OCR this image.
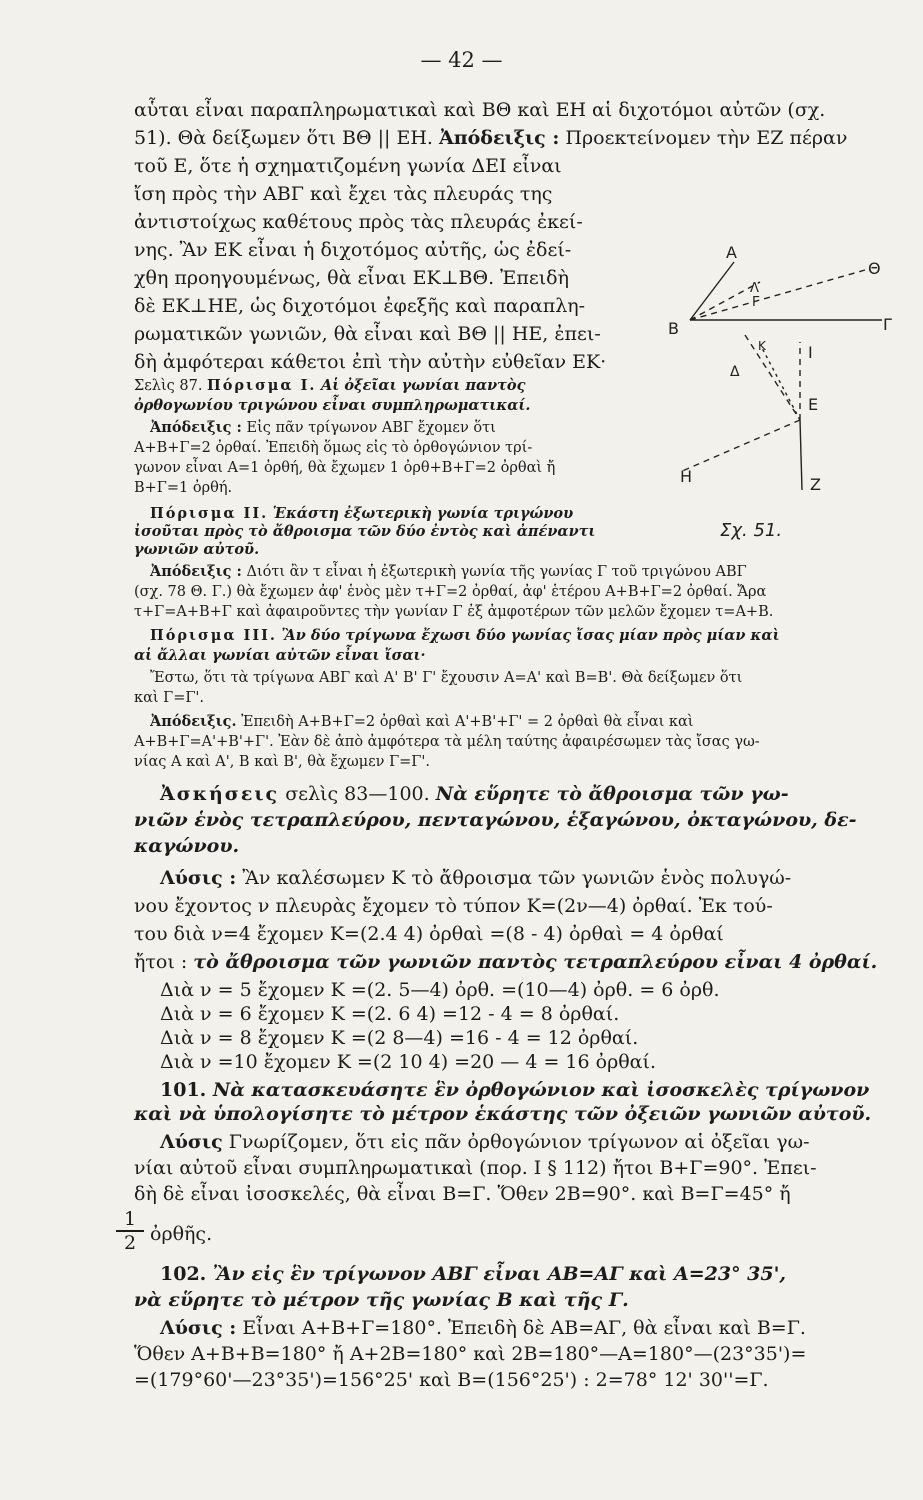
— 42 —
αὗται εἶναι παραπληρωματικαὶ καὶ ΒΘ καὶ ΕΗ αἱ διχοτόμοι αὐτῶν (σχ.
51). Θὰ δείξωμεν ὅτι ΒΘ || ΕΗ. Ἀπόδειξις : Προεκτείνομεν τὴν ΕΖ πέραν
τοῦ Ε, ὅτε ἡ σχηματιζομένη γωνία ΔΕΙ εἶναι
ἴση πρὸς τὴν ΑΒΓ καὶ ἔχει τὰς πλευράς της
ἀντιστοίχως καθέτους πρὸς τὰς πλευράς ἐκεί-
νης. Ἂν ΕΚ εἶναι ἡ διχοτόμος αὐτῆς, ὡς ἐδεί-
χθη προηγουμένως, θὰ εἶναι ΕΚ⊥ΒΘ. Ἐπειδὴ
δὲ ΕΚ⊥ΗΕ, ὡς διχοτόμοι ἐφεξῆς καὶ παραπλη-
ρωματικῶν γωνιῶν, θὰ εἶναι καὶ ΒΘ || ΗΕ, ἐπει-
δὴ ἀμφότεραι κάθετοι ἐπὶ τὴν αὐτὴν εὐθεῖαν ΕΚ·
Σελὶς 87. Πόρισμα Ι. Αἱ ὀξεῖαι γωνίαι παντὸς
ὀρθογωνίου τριγώνου εἶναι συμπληρωματικαί.
Ἀπόδειξις : Εἰς πᾶν τρίγωνον ΑΒΓ ἔχομεν ὅτι
Α+Β+Γ=2 ὀρθαί. Ἐπειδὴ ὅμως εἰς τὸ ὀρθογώνιον τρί-
γωνον εἶναι Α=1 ὀρθή, θὰ ἔχωμεν 1 ὀρθ+Β+Γ=2 ὀρθαὶ ἤ
Β+Γ=1 ὀρθή.
Πόρισμα ΙΙ. Ἑκάστη ἐξωτερικὴ γωνία τριγώνου
ἰσοῦται πρὸς τὸ ἄθροισμα τῶν δύο ἐντὸς καὶ ἀπέναντι
γωνιῶν αὐτοῦ.
Α
Θ
Λ
Γ
Β	Γ
Κ	Ι
Δ
Ε
Η	Ζ
Σχ. 51.
Ἀπόδειξις : Διότι ἂν τ εἶναι ἡ ἐξωτερικὴ γωνία τῆς γωνίας Γ τοῦ τριγώνου ΑΒΓ
(σχ. 78 Θ. Γ.) θὰ ἔχωμεν ἀφ' ἑνὸς μὲν τ+Γ=2 ὀρθαί, ἀφ' ἑτέρου Α+Β+Γ=2 ὀρθαί. Ἄρα
τ+Γ=Α+Β+Γ καὶ ἀφαιροῦντες τὴν γωνίαν Γ ἐξ ἀμφοτέρων τῶν μελῶν ἔχομεν τ=Α+Β.
Πόρισμα ΙΙΙ. Ἂν δύο τρίγωνα ἔχωσι δύο γωνίας ἴσας μίαν πρὸς μίαν καὶ
αἱ ἄλλαι γωνίαι αὐτῶν εἶναι ἴσαι·
Ἔστω, ὅτι τὰ τρίγωνα ΑΒΓ καὶ Α' Β' Γ' ἔχουσιν Α=Α' καὶ Β=Β'. Θὰ δείξωμεν ὅτι
καὶ Γ=Γ'.
Ἀπόδειξις. Ἐπειδὴ Α+Β+Γ=2 ὀρθαὶ καὶ Α'+Β'+Γ' = 2 ὀρθαὶ θὰ εἶναι καὶ
Α+Β+Γ=Α'+Β'+Γ'. Ἐὰν δὲ ἀπὸ ἀμφότερα τὰ μέλη ταύτης ἀφαιρέσωμεν τὰς ἴσας γω-
νίας Α καὶ Α', Β καὶ Β', θὰ ἔχωμεν Γ=Γ'.
Ἀσκήσεις σελὶς 83—100. Νὰ εὕρητε τὸ ἄθροισμα τῶν γω-
νιῶν ἑνὸς τετραπλεύρου, πενταγώνου, ἑξαγώνου, ὀκταγώνου, δε-
καγώνου.
Λύσις : Ἂν καλέσωμεν Κ τὸ ἄθροισμα τῶν γωνιῶν ἑνὸς πολυγώ-
νου ἔχοντος ν πλευρὰς ἔχομεν τὸ τύπον Κ=(2ν—4) ὀρθαί. Ἐκ τού-
του διὰ ν=4 ἔχομεν Κ=(2.4 4) ὀρθαὶ =(8 - 4) ὀρθαὶ = 4 ὀρθαί
ἤτοι : τὸ ἄθροισμα τῶν γωνιῶν παντὸς τετραπλεύρου εἶναι 4 ὀρθαί.
Διὰ ν = 5 ἔχομεν Κ =(2. 5—4) ὀρθ. =(10—4) ὀρθ. = 6 ὀρθ.
Διὰ ν = 6 ἔχομεν Κ =(2. 6 4) =12 - 4 = 8 ὀρθαί.
Διὰ ν = 8 ἔχομεν Κ =(2 8—4) =16 - 4 = 12 ὀρθαί.
Διὰ ν =10 ἔχομεν Κ =(2 10 4) =20 — 4 = 16 ὀρθαί.
101. Νὰ κατασκευάσητε ἓν ὀρθογώνιον καὶ ἰσοσκελὲς τρίγωνον
καὶ νὰ ὑπολογίσητε τὸ μέτρον ἑκάστης τῶν ὀξειῶν γωνιῶν αὐτοῦ.
Λύσις Γνωρίζομεν, ὅτι εἰς πᾶν ὀρθογώνιον τρίγωνον αἱ ὀξεῖαι γω-
νίαι αὐτοῦ εἶναι συμπληρωματικαὶ (πορ. Ι § 112) ἤτοι Β+Γ=90°. Ἐπει-
δὴ δὲ εἶναι ἰσοσκελές, θὰ εἶναι Β=Γ. Ὅθεν 2Β=90°. καὶ Β=Γ=45° ἤ
1
2 ὀρθῆς.
102. Ἂν εἰς ἓν τρίγωνον ΑΒΓ εἶναι ΑΒ=ΑΓ καὶ Α=23° 35',
νὰ εὕρητε τὸ μέτρον τῆς γωνίας Β καὶ τῆς Γ.
Λύσις : Εἶναι Α+Β+Γ=180°. Ἐπειδὴ δὲ ΑΒ=ΑΓ, θὰ εἶναι καὶ Β=Γ.
Ὅθεν Α+Β+Β=180° ἤ Α+2Β=180° καὶ 2Β=180°—Α=180°—(23°35')=
=(179°60'—23°35')=156°25' καὶ Β=(156°25') : 2=78° 12' 30''=Γ.
